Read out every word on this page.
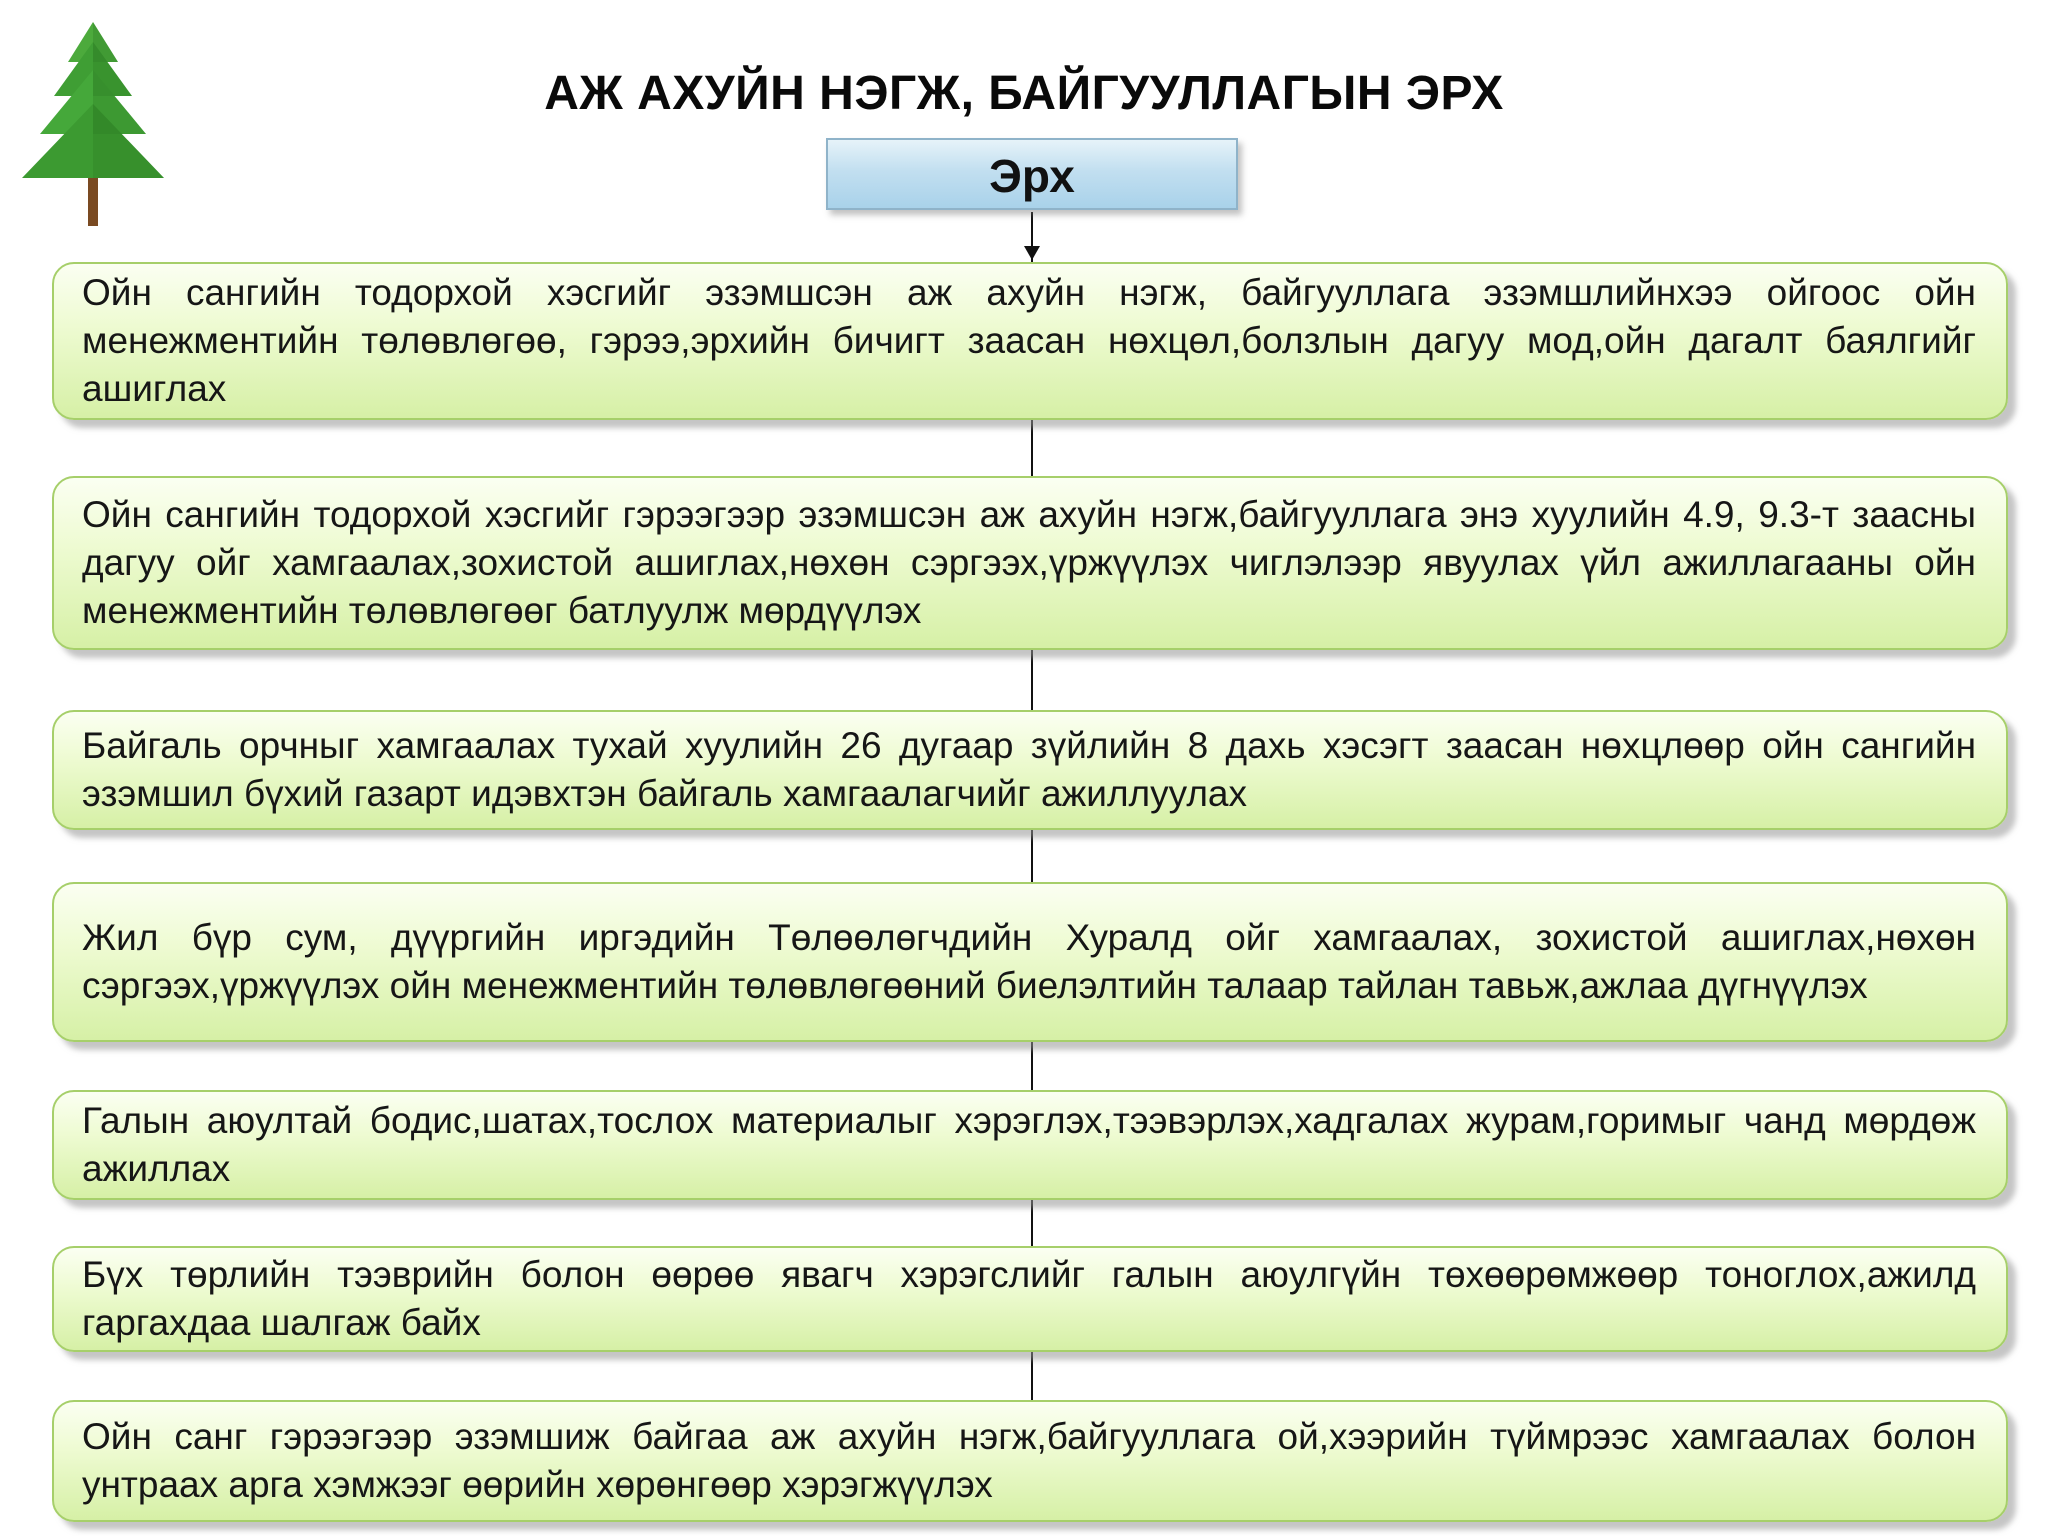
АЖ АХУЙН НЭГЖ, БАЙГУУЛЛАГЫН ЭРХ
Эрх
Ойн сангийн тодорхой хэсгийг эзэмшсэн аж ахуйн нэгж, байгууллага эзэмшлийнхээ ойгоос ойн менежментийн төлөвлөгөө, гэрээ,эрхийн бичигт заасан нөхцөл,болзлын дагуу мод,ойн дагалт баялгийг ашиглах
Ойн сангийн тодорхой хэсгийг гэрээгээр эзэмшсэн аж ахуйн нэгж,байгууллага энэ хуулийн 4.9, 9.3-т заасны дагуу ойг хамгаалах,зохистой ашиглах,нөхөн сэргээх,үржүүлэх чиглэлээр явуулах үйл ажиллагааны ойн менежментийн төлөвлөгөөг батлуулж мөрдүүлэх
Байгаль орчныг хамгаалах тухай хуулийн 26 дугаар зүйлийн 8 дахь хэсэгт заасан нөхцлөөр ойн сангийн эзэмшил бүхий газарт идэвхтэн байгаль хамгаалагчийг ажиллуулах
Жил бүр сум, дүүргийн иргэдийн Төлөөлөгчдийн Хуралд ойг хамгаалах, зохистой ашиглах,нөхөн сэргээх,үржүүлэх ойн менежментийн төлөвлөгөөний биелэлтийн талаар тайлан тавьж,ажлаа дүгнүүлэх
Галын аюултай бодис,шатах,тослох материалыг хэрэглэх,тээвэрлэх,хадгалах журам,горимыг чанд мөрдөж ажиллах
Бүх төрлийн тээврийн болон өөрөө явагч хэрэгслийг галын аюулгүйн төхөөрөмжөөр тоноглох,ажилд гаргахдаа шалгаж байх
Ойн санг гэрээгээр эзэмшиж байгаа аж ахуйн нэгж,байгууллага ой,хээрийн түймрээс хамгаалах болон унтраах арга хэмжээг өөрийн хөрөнгөөр хэрэгжүүлэх
